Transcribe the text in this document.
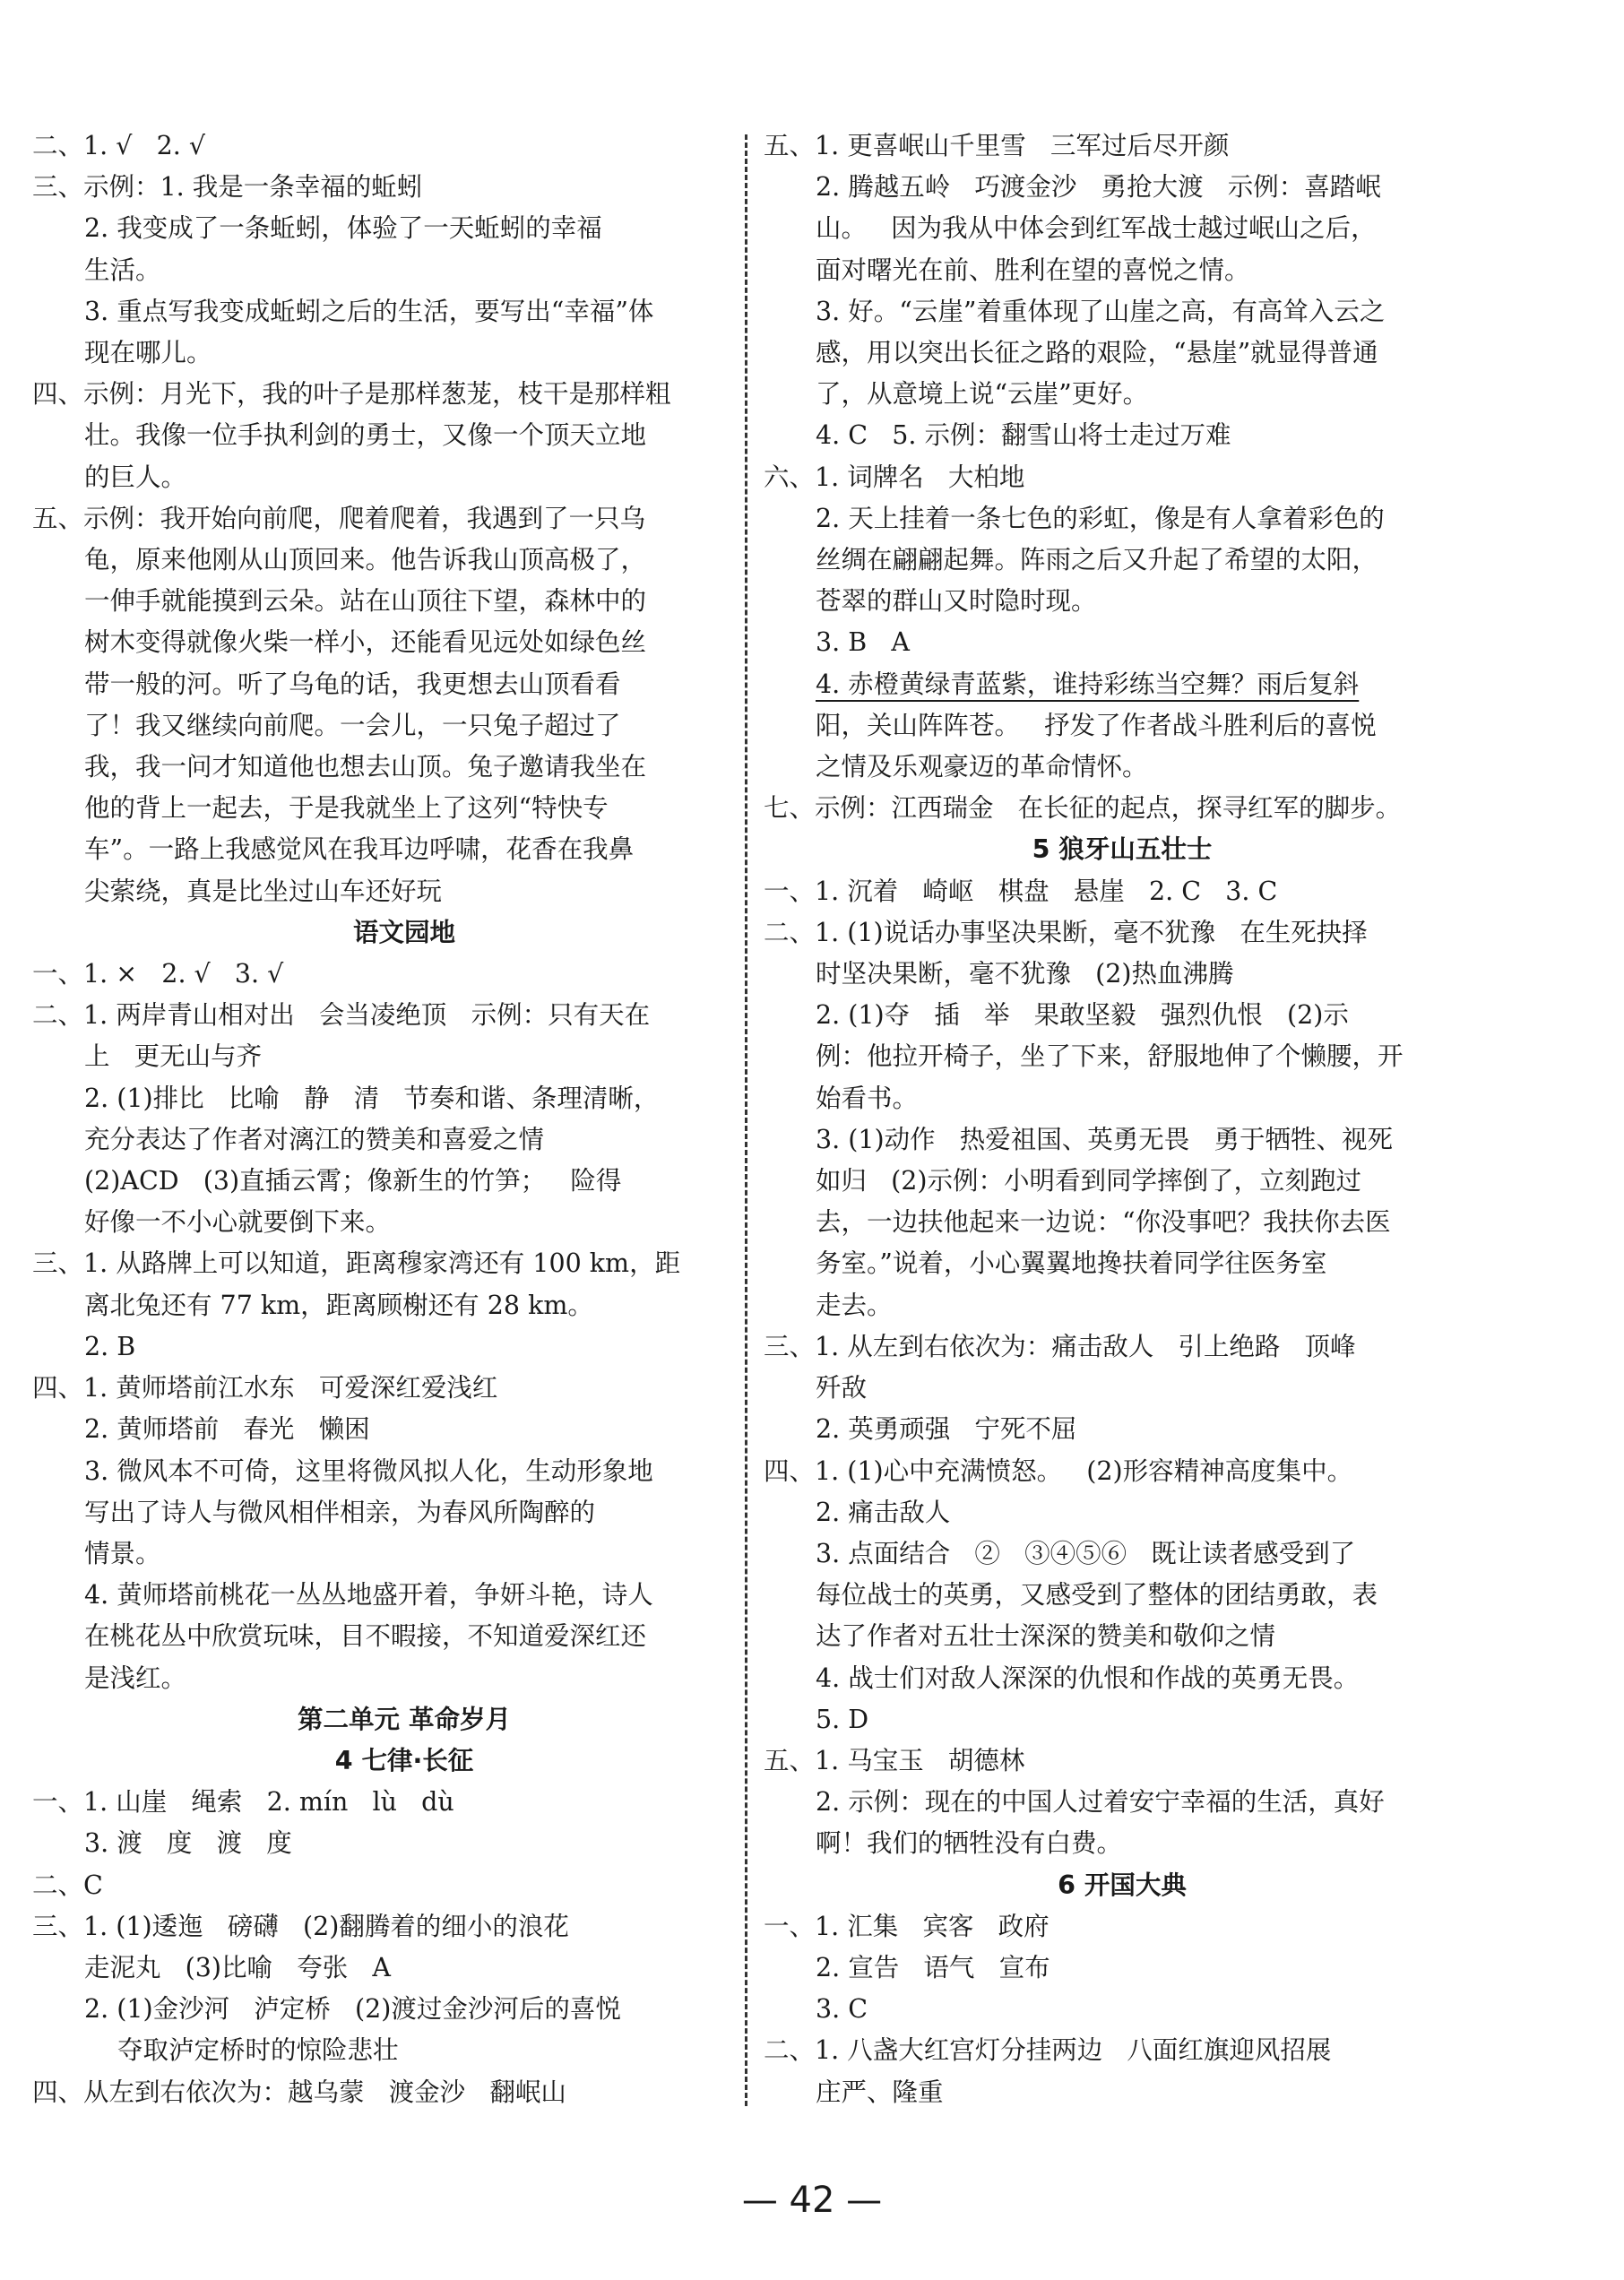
二、1. √   2. √
三、示例：1. 我是一条幸福的蚯蚓
2. 我变成了一条蚯蚓，体验了一天蚯蚓的幸福
生活。
3. 重点写我变成蚯蚓之后的生活，要写出“幸福”体
现在哪儿。
四、示例：月光下，我的叶子是那样葱茏，枝干是那样粗
壮。我像一位手执利剑的勇士，又像一个顶天立地
的巨人。
五、示例：我开始向前爬，爬着爬着，我遇到了一只乌
龟，原来他刚从山顶回来。他告诉我山顶高极了，
一伸手就能摸到云朵。站在山顶往下望，森林中的
树木变得就像火柴一样小，还能看见远处如绿色丝
带一般的河。听了乌龟的话，我更想去山顶看看
了！我又继续向前爬。一会儿，一只兔子超过了
我，我一问才知道他也想去山顶。兔子邀请我坐在
他的背上一起去，于是我就坐上了这列“特快专
车”。一路上我感觉风在我耳边呼啸，花香在我鼻
尖萦绕，真是比坐过山车还好玩
语文园地
一、1. ×   2. √   3. √
二、1. 两岸青山相对出   会当凌绝顶   示例：只有天在
上   更无山与齐
2. (1)排比   比喻   静   清   节奏和谐、条理清晰，
充分表达了作者对漓江的赞美和喜爱之情
(2)ACD   (3)直插云霄；像新生的竹笋；   险得
好像一不小心就要倒下来。
三、1. 从路牌上可以知道，距离穆家湾还有 100 km，距
离北兔还有 77 km，距离顾榭还有 28 km。
2. B
四、1. 黄师塔前江水东   可爱深红爱浅红
2. 黄师塔前   春光   懒困
3. 微风本不可倚，这里将微风拟人化，生动形象地
写出了诗人与微风相伴相亲，为春风所陶醉的
情景。
4. 黄师塔前桃花一丛丛地盛开着，争妍斗艳，诗人
在桃花丛中欣赏玩味，目不暇接，不知道爱深红还
是浅红。
第二单元 革命岁月
4 七律·长征
一、1. 山崖   绳索   2. mín   lù   dù
3. 渡   度   渡   度
二、C
三、1. (1)逶迤   磅礴   (2)翻腾着的细小的浪花
走泥丸   (3)比喻   夸张   A
2. (1)金沙河   泸定桥   (2)渡过金沙河后的喜悦
夺取泸定桥时的惊险悲壮
四、从左到右依次为：越乌蒙   渡金沙   翻岷山
五、1. 更喜岷山千里雪   三军过后尽开颜
2. 腾越五岭   巧渡金沙   勇抢大渡   示例：喜踏岷
山。   因为我从中体会到红军战士越过岷山之后，
面对曙光在前、胜利在望的喜悦之情。
3. 好。“云崖”着重体现了山崖之高，有高耸入云之
感，用以突出长征之路的艰险，“悬崖”就显得普通
了，从意境上说“云崖”更好。
4. C   5. 示例：翻雪山将士走过万难
六、1. 词牌名   大柏地
2. 天上挂着一条七色的彩虹，像是有人拿着彩色的
丝绸在翩翩起舞。阵雨之后又升起了希望的太阳，
苍翠的群山又时隐时现。
3. B   A
4. 赤橙黄绿青蓝紫，谁持彩练当空舞？雨后复斜
阳，关山阵阵苍。   抒发了作者战斗胜利后的喜悦
之情及乐观豪迈的革命情怀。
七、示例：江西瑞金   在长征的起点，探寻红军的脚步。
5 狼牙山五壮士
一、1. 沉着   崎岖   棋盘   悬崖   2. C   3. C
二、1. (1)说话办事坚决果断，毫不犹豫   在生死抉择
时坚决果断，毫不犹豫   (2)热血沸腾
2. (1)夺   插   举   果敢坚毅   强烈仇恨   (2)示
例：他拉开椅子，坐了下来，舒服地伸了个懒腰，开
始看书。
3. (1)动作   热爱祖国、英勇无畏   勇于牺牲、视死
如归   (2)示例：小明看到同学摔倒了，立刻跑过
去，一边扶他起来一边说：“你没事吧？我扶你去医
务室。”说着，小心翼翼地搀扶着同学往医务室
走去。
三、1. 从左到右依次为：痛击敌人   引上绝路   顶峰
歼敌
2. 英勇顽强   宁死不屈
四、1. (1)心中充满愤怒。   (2)形容精神高度集中。
2. 痛击敌人
3. 点面结合   ②   ③④⑤⑥   既让读者感受到了
每位战士的英勇，又感受到了整体的团结勇敢，表
达了作者对五壮士深深的赞美和敬仰之情
4. 战士们对敌人深深的仇恨和作战的英勇无畏。
5. D
五、1. 马宝玉   胡德林
2. 示例：现在的中国人过着安宁幸福的生活，真好
啊！我们的牺牲没有白费。
6 开国大典
一、1. 汇集   宾客   政府
2. 宣告   语气   宣布
3. C
二、1. 八盏大红宫灯分挂两边   八面红旗迎风招展
庄严、隆重
— 42 —
